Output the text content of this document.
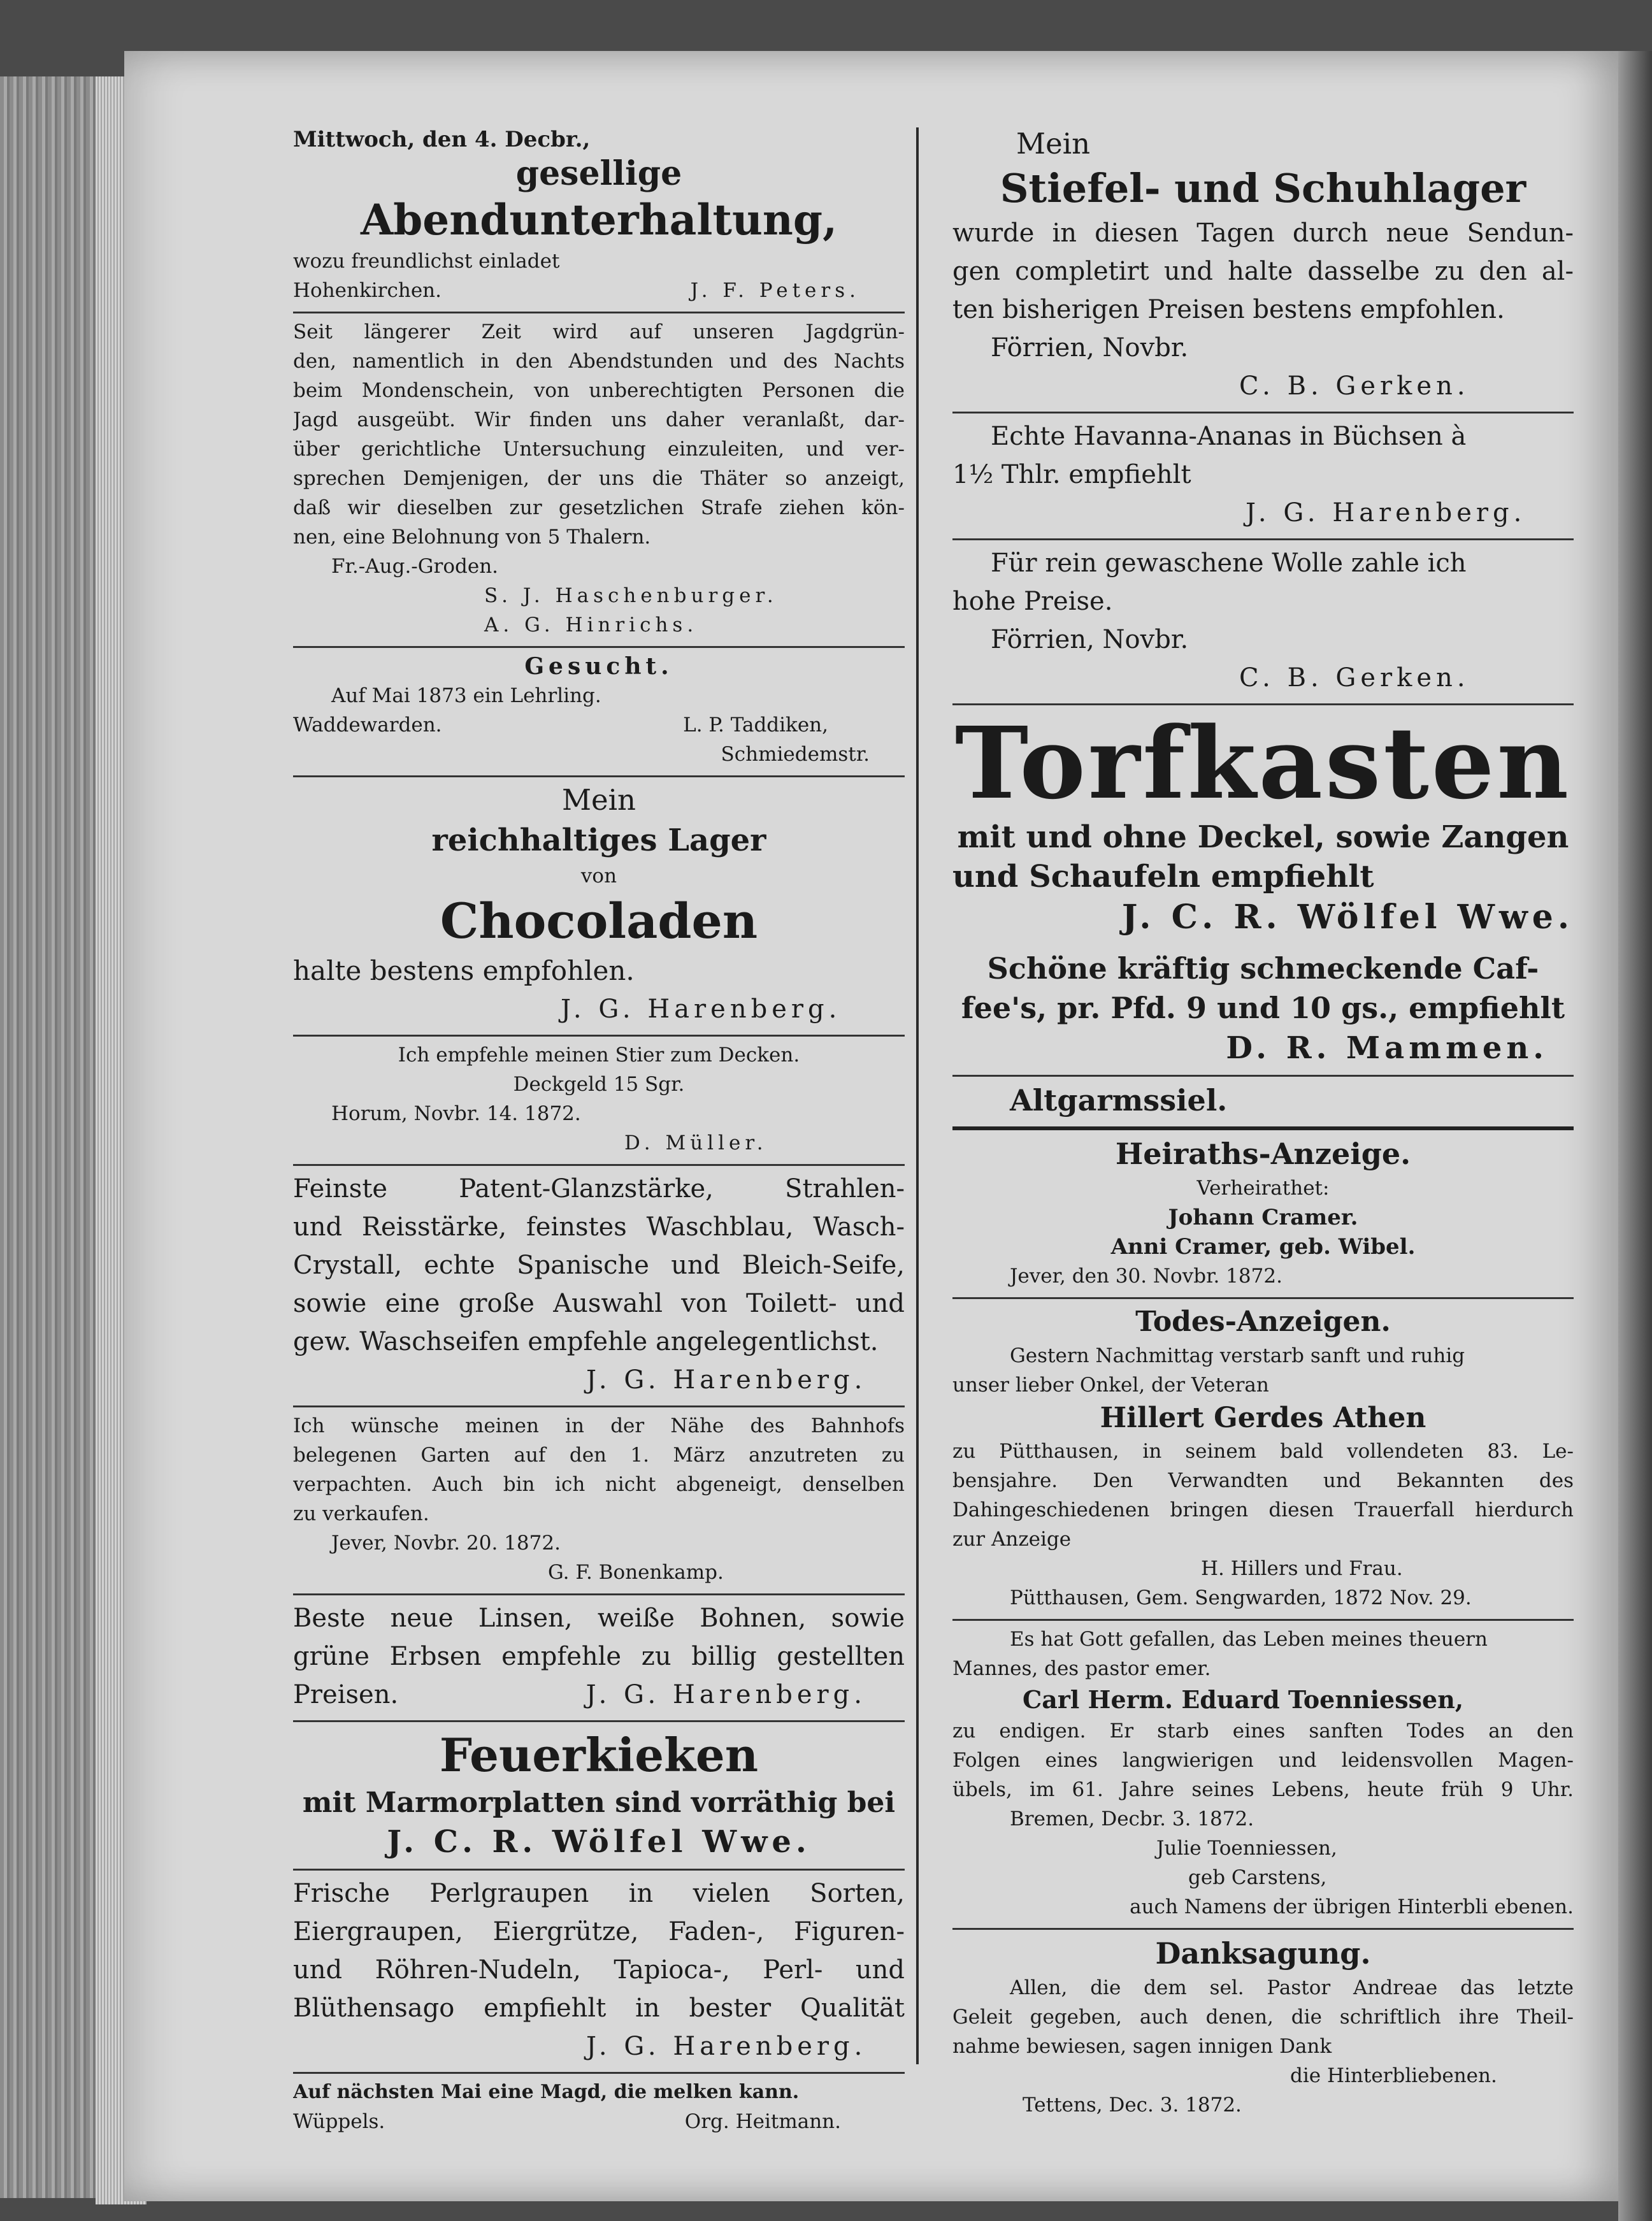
Mittwoch, den 4. Decbr.,
gesellige
Abendunterhaltung,
wozu freundlichst einladet
Hohenkirchen.	J. F. Peters.
Seit längerer Zeit wird auf unseren Jagdgrün-
den, namentlich in den Abendstunden und des Nachts
beim Mondenschein, von unberechtigten Personen die
Jagd ausgeübt. Wir finden uns daher veranlaßt, dar-
über gerichtliche Untersuchung einzuleiten, und ver-
sprechen Demjenigen, der uns die Thäter so anzeigt,
daß wir dieselben zur gesetzlichen Strafe ziehen kön-
nen, eine Belohnung von 5 Thalern.
Fr.-Aug.-Groden.
S. J. Haschenburger.
A. G. Hinrichs.
Gesucht.
Auf Mai 1873 ein Lehrling.
Waddewarden.	L. P. Taddiken,
Schmiedemstr.
Mein
reichhaltiges Lager
von
Chocoladen
halte bestens empfohlen.
J. G. Harenberg.
Ich empfehle meinen Stier zum Decken.
Deckgeld 15 Sgr.
Horum, Novbr. 14. 1872.
D. Müller.
Feinste Patent-Glanzstärke, Strahlen-
und Reisstärke, feinstes Waschblau, Wasch-
Crystall, echte Spanische und Bleich-Seife,
sowie eine große Auswahl von Toilett- und
gew. Waschseifen empfehle angelegentlichst.
J. G. Harenberg.
Ich wünsche meinen in der Nähe des Bahnhofs
belegenen Garten auf den 1. März anzutreten zu
verpachten. Auch bin ich nicht abgeneigt, denselben
zu verkaufen.
Jever, Novbr. 20. 1872.
G. F. Bonenkamp.
Beste neue Linsen, weiße Bohnen, sowie
grüne Erbsen empfehle zu billig gestellten
Preisen.	J. G. Harenberg.
Feuerkieken
mit Marmorplatten sind vorräthig bei
J. C. R. Wölfel Wwe.
Frische Perlgraupen in vielen Sorten,
Eiergraupen, Eiergrütze, Faden-, Figuren-
und Röhren-Nudeln, Tapioca-, Perl- und
Blüthensago empfiehlt in bester Qualität
J. G. Harenberg.
Auf nächsten Mai eine Magd, die melken kann.
Wüppels.	Org. Heitmann.
Mein
Stiefel- und Schuhlager
wurde in diesen Tagen durch neue Sendun-
gen completirt und halte dasselbe zu den al-
ten bisherigen Preisen bestens empfohlen.
Förrien, Novbr.
C. B. Gerken.
Echte Havanna-Ananas in Büchsen à
1½ Thlr. empfiehlt
J. G. Harenberg.
Für rein gewaschene Wolle zahle ich
hohe Preise.
Förrien, Novbr.
C. B. Gerken.
Torfkasten
mit und ohne Deckel, sowie Zangen
und Schaufeln empfiehlt
J. C. R. Wölfel Wwe.
Schöne kräftig schmeckende Caf-
fee's, pr. Pfd. 9 und 10 gs., empfiehlt
D. R. Mammen.
Altgarmssiel.
Heiraths-Anzeige.
Verheirathet:
Johann Cramer.
Anni Cramer, geb. Wibel.
Jever, den 30. Novbr. 1872.
Todes-Anzeigen.
Gestern Nachmittag verstarb sanft und ruhig
unser lieber Onkel, der Veteran
Hillert Gerdes Athen
zu Pütthausen, in seinem bald vollendeten 83. Le-
bensjahre. Den Verwandten und Bekannten des
Dahingeschiedenen bringen diesen Trauerfall hierdurch
zur Anzeige
H. Hillers und Frau.
Pütthausen, Gem. Sengwarden, 1872 Nov. 29.
Es hat Gott gefallen, das Leben meines theuern
Mannes, des pastor emer.
Carl Herm. Eduard Toenniessen,
zu endigen. Er starb eines sanften Todes an den
Folgen eines langwierigen und leidensvollen Magen-
übels, im 61. Jahre seines Lebens, heute früh 9 Uhr.
Bremen, Decbr. 3. 1872.
Julie Toenniessen,
geb Carstens,
auch Namens der übrigen Hinterbli ebenen.
Danksagung.
Allen, die dem sel. Pastor Andreae das letzte
Geleit gegeben, auch denen, die schriftlich ihre Theil-
nahme bewiesen, sagen innigen Dank
die Hinterbliebenen.
Tettens, Dec. 3. 1872.
